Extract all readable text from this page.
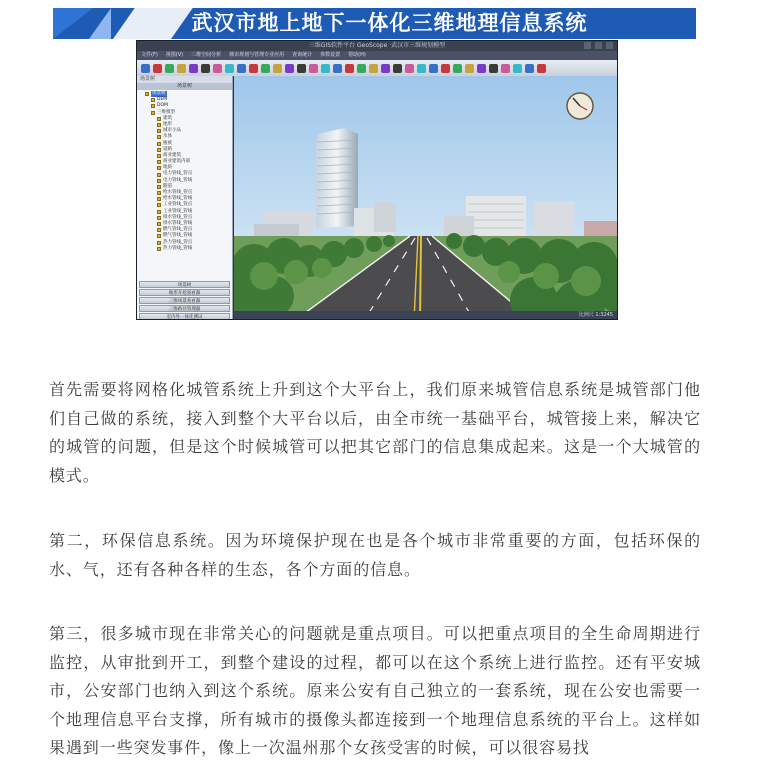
武汉市地上地下一体化三维地理信息系统
三维GIS软件平台 GeoScope ·武汉市三维规划模型
文件(F) 视图(V) 三维空间分析 城市规划与管理专业应用 查询统计 参数设置 帮助(H)
场景树
场景树
场景树
DEM
DOM
三维模型
建筑
地形
城市小品
水体
植被
道路
商业建筑
商业建筑内部
地质
电力管线_管点
电力管线_管线
隧道
给水管线_管点
给水管线_管线
工业管线_管点
工业管线_管线
排水管线_管点
排水管线_管线
燃气管线_管点
燃气管线_管线
热力管线_管点
热力管线_管线
场景树
地形开挖查看器
三维场景查看器
三维路径管理器
室内外一体化测试	比例尺 1:3245

首先需要将网格化城管系统上升到这个大平台上，我们原来城管信息系统是城管部门他们自己做的系统，接入到整个大平台以后，由全市统一基础平台，城管接上来，解决它的城管的问题，但是这个时候城管可以把其它部门的信息集成起来。这是一个大城管的模式。

第二，环保信息系统。因为环境保护现在也是各个城市非常重要的方面，包括环保的水、气，还有各种各样的生态，各个方面的信息。

第三，很多城市现在非常关心的问题就是重点项目。可以把重点项目的全生命周期进行监控，从审批到开工，到整个建设的过程，都可以在这个系统上进行监控。还有平安城市，公安部门也纳入到这个系统。原来公安有自己独立的一套系统，现在公安也需要一个地理信息平台支撑，所有城市的摄像头都连接到一个地理信息系统的平台上。这样如果遇到一些突发事件，像上一次温州那个女孩受害的时候，可以很容易找
